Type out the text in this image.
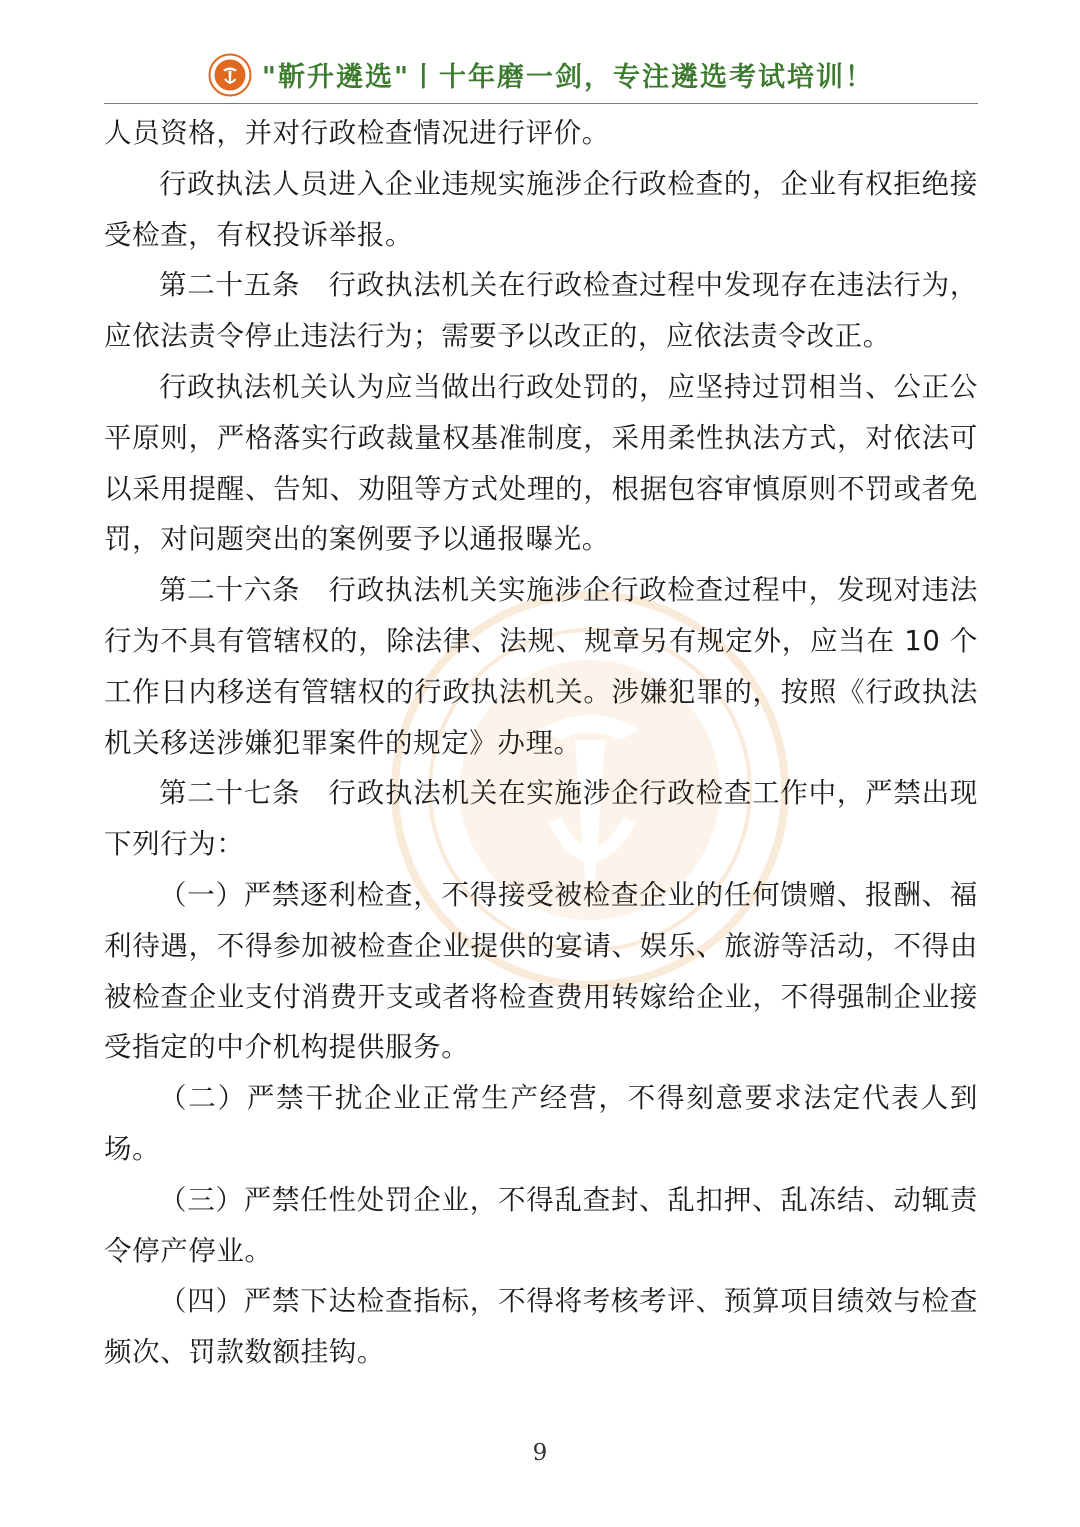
"靳升遴选"丨十年磨一剑，专注遴选考试培训！

人员资格，并对行政检查情况进行评价。

行政执法人员进入企业违规实施涉企行政检查的，企业有权拒绝接受检查，有权投诉举报。

第二十五条　行政执法机关在行政检查过程中发现存在违法行为，应依法责令停止违法行为；需要予以改正的，应依法责令改正。

行政执法机关认为应当做出行政处罚的，应坚持过罚相当、公正公平原则，严格落实行政裁量权基准制度，采用柔性执法方式，对依法可以采用提醒、告知、劝阻等方式处理的，根据包容审慎原则不罚或者免罚，对问题突出的案例要予以通报曝光。

第二十六条　行政执法机关实施涉企行政检查过程中，发现对违法行为不具有管辖权的，除法律、法规、规章另有规定外，应当在 10 个工作日内移送有管辖权的行政执法机关。涉嫌犯罪的，按照《行政执法机关移送涉嫌犯罪案件的规定》办理。

第二十七条　行政执法机关在实施涉企行政检查工作中，严禁出现下列行为：

（一）严禁逐利检查，不得接受被检查企业的任何馈赠、报酬、福利待遇，不得参加被检查企业提供的宴请、娱乐、旅游等活动，不得由被检查企业支付消费开支或者将检查费用转嫁给企业，不得强制企业接受指定的中介机构提供服务。

（二）严禁干扰企业正常生产经营，不得刻意要求法定代表人到场。

（三）严禁任性处罚企业，不得乱查封、乱扣押、乱冻结、动辄责令停产停业。

（四）严禁下达检查指标，不得将考核考评、预算项目绩效与检查频次、罚款数额挂钩。

9
